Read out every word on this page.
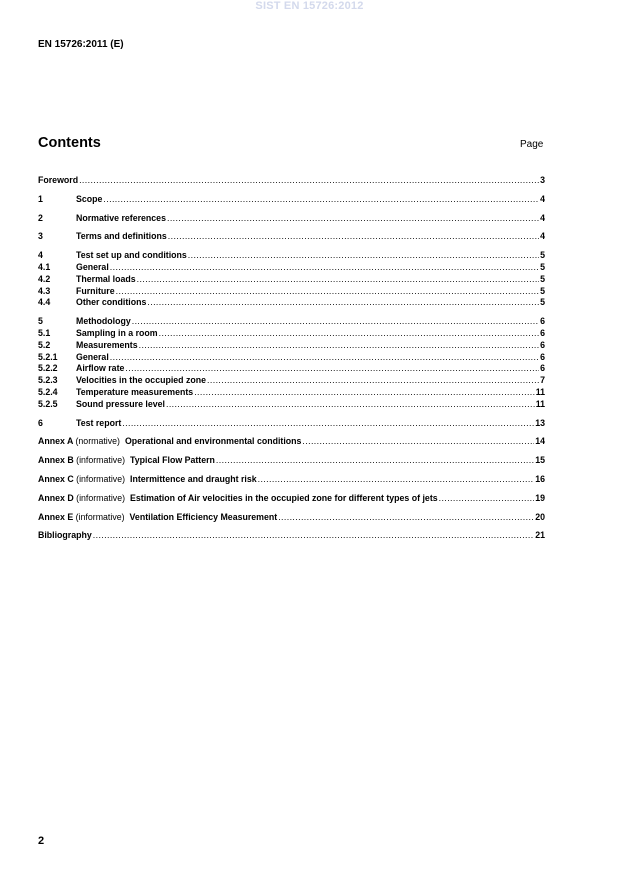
SIST EN 15726:2012
EN 15726:2011 (E)
Contents	Page
Foreword .....	3
1	Scope .....	4
2	Normative references .....	4
3	Terms and definitions .....	4
4	Test set up and conditions .....	5
4.1	General .....	5
4.2	Thermal loads .....	5
4.3	Furniture .....	5
4.4	Other conditions .....	5
5	Methodology .....	6
5.1	Sampling in a room .....	6
5.2	Measurements .....	6
5.2.1	General .....	6
5.2.2	Airflow rate .....	6
5.2.3	Velocities in the occupied zone .....	7
5.2.4	Temperature measurements .....	11
5.2.5	Sound pressure level .....	11
6	Test report .....	13
Annex A (normative) Operational and environmental conditions .....	14
Annex B (informative) Typical Flow Pattern .....	15
Annex C (informative) Intermittence and draught risk .....	16
Annex D (informative) Estimation of Air velocities in the occupied zone for different types of jets .....	19
Annex E (informative) Ventilation Efficiency Measurement .....	20
Bibliography .....	21
2
